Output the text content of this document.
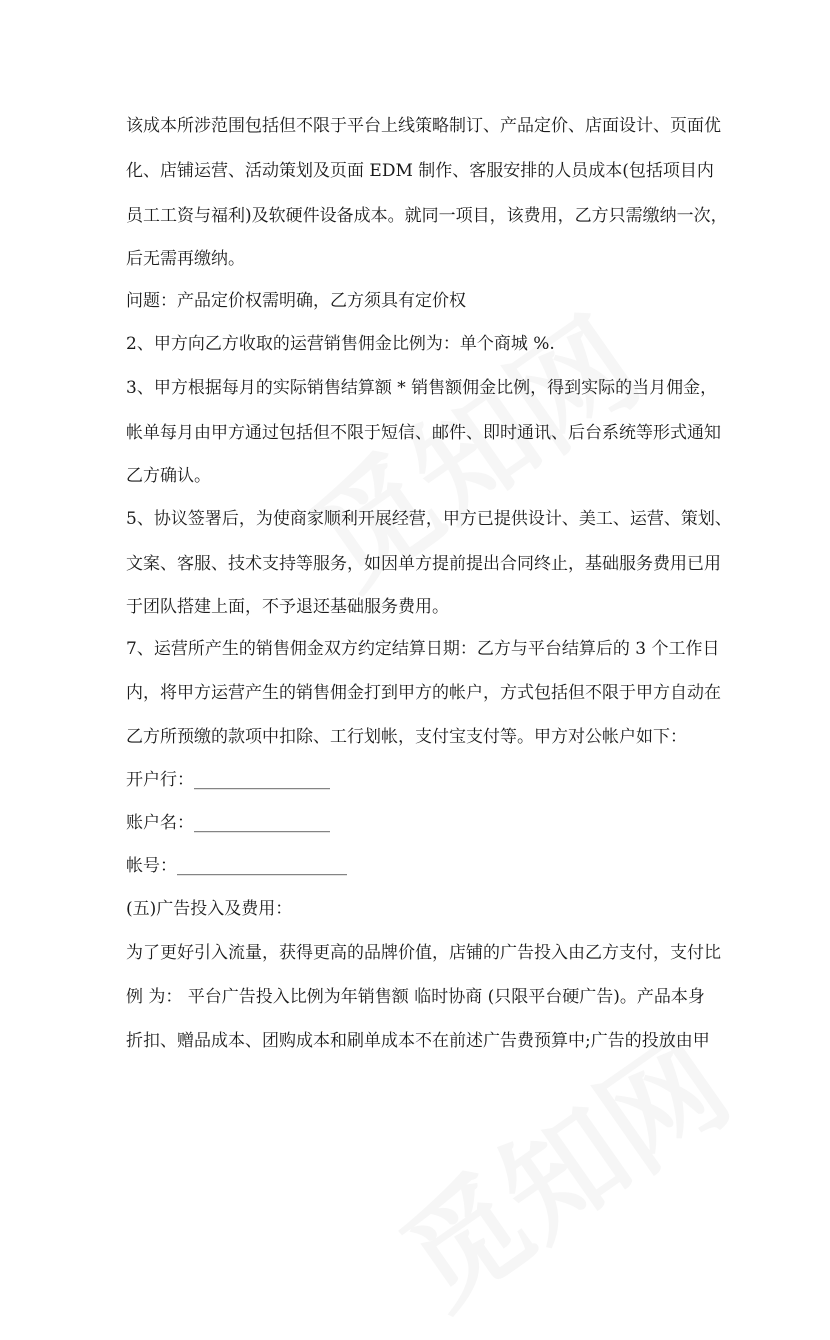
该成本所涉范围包括但不限于平台上线策略制订、产品定价、店面设计、页面优
化、店铺运营、活动策划及页面 EDM 制作、客服安排的人员成本(包括项目内
员工工资与福利)及软硬件设备成本。就同一项目，该费用，乙方只需缴纳一次，
后无需再缴纳。
问题：产品定价权需明确，乙方须具有定价权
2、甲方向乙方收取的运营销售佣金比例为：单个商城 %.
3、甲方根据每月的实际销售结算额 * 销售额佣金比例，得到实际的当月佣金，
帐单每月由甲方通过包括但不限于短信、邮件、即时通讯、后台系统等形式通知
乙方确认。
5、协议签署后，为使商家顺利开展经营，甲方已提供设计、美工、运营、策划、
文案、客服、技术支持等服务，如因单方提前提出合同终止，基础服务费用已用
于团队搭建上面，不予退还基础服务费用。
7、运营所产生的销售佣金双方约定结算日期：乙方与平台结算后的 3 个工作日
内，将甲方运营产生的销售佣金打到甲方的帐户，方式包括但不限于甲方自动在
乙方所预缴的款项中扣除、工行划帐，支付宝支付等。甲方对公帐户如下：
开户行：________________
账户名：________________
帐号：____________________
(五)广告投入及费用：
为了更好引入流量，获得更高的品牌价值，店铺的广告投入由乙方支付，支付比
例 为： 平台广告投入比例为年销售额 临时协商 (只限平台硬广告)。产品本身
折扣、赠品成本、团购成本和刷单成本不在前述广告费预算中;广告的投放由甲
